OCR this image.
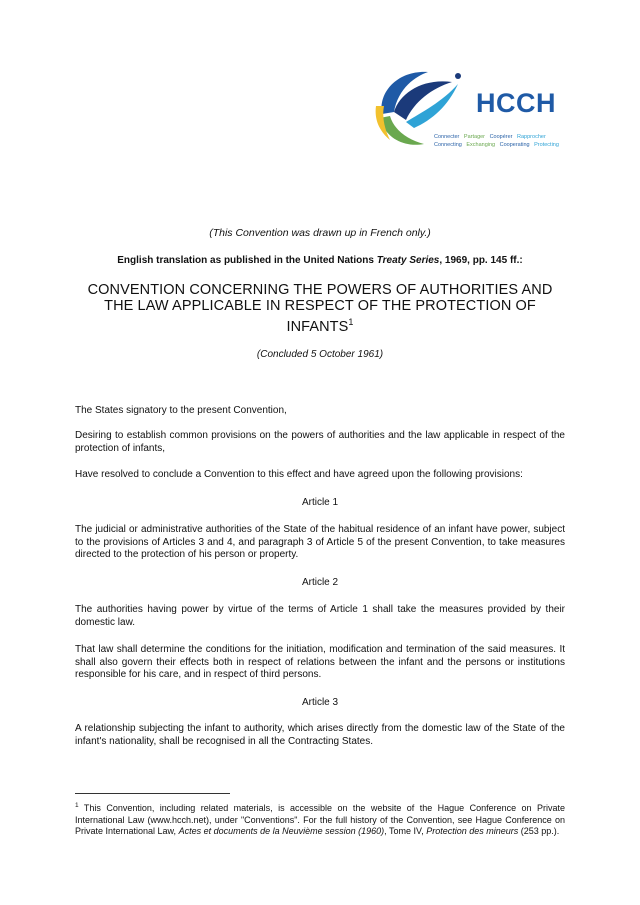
HCCH
Connecter Partager Coopérer Rapprocher
Connecting Exchanging Cooperating Protecting
(This Convention was drawn up in French only.)
English translation as published in the United Nations Treaty Series, 1969, pp. 145 ff.:
CONVENTION CONCERNING THE POWERS OF AUTHORITIES AND THE LAW APPLICABLE IN RESPECT OF THE PROTECTION OF INFANTS$^1$
(Concluded 5 October 1961)
The States signatory to the present Convention,
Desiring to establish common provisions on the powers of authorities and the law applicable in respect of the protection of infants,
Have resolved to conclude a Convention to this effect and have agreed upon the following provisions:
Article 1
The judicial or administrative authorities of the State of the habitual residence of an infant have power, subject to the provisions of Articles 3 and 4, and paragraph 3 of Article 5 of the present Convention, to take measures directed to the protection of his person or property.
Article 2
The authorities having power by virtue of the terms of Article 1 shall take the measures provided by their domestic law.
That law shall determine the conditions for the initiation, modification and termination of the said measures. It shall also govern their effects both in respect of relations between the infant and the persons or institutions responsible for his care, and in respect of third persons.
Article 3
A relationship subjecting the infant to authority, which arises directly from the domestic law of the State of the infant's nationality, shall be recognised in all the Contracting States.
$^1$ This Convention, including related materials, is accessible on the website of the Hague Conference on Private International Law (www.hcch.net), under "Conventions". For the full history of the Convention, see Hague Conference on Private International Law, Actes et documents de la Neuvième session (1960), Tome IV, Protection des mineurs (253 pp.).
